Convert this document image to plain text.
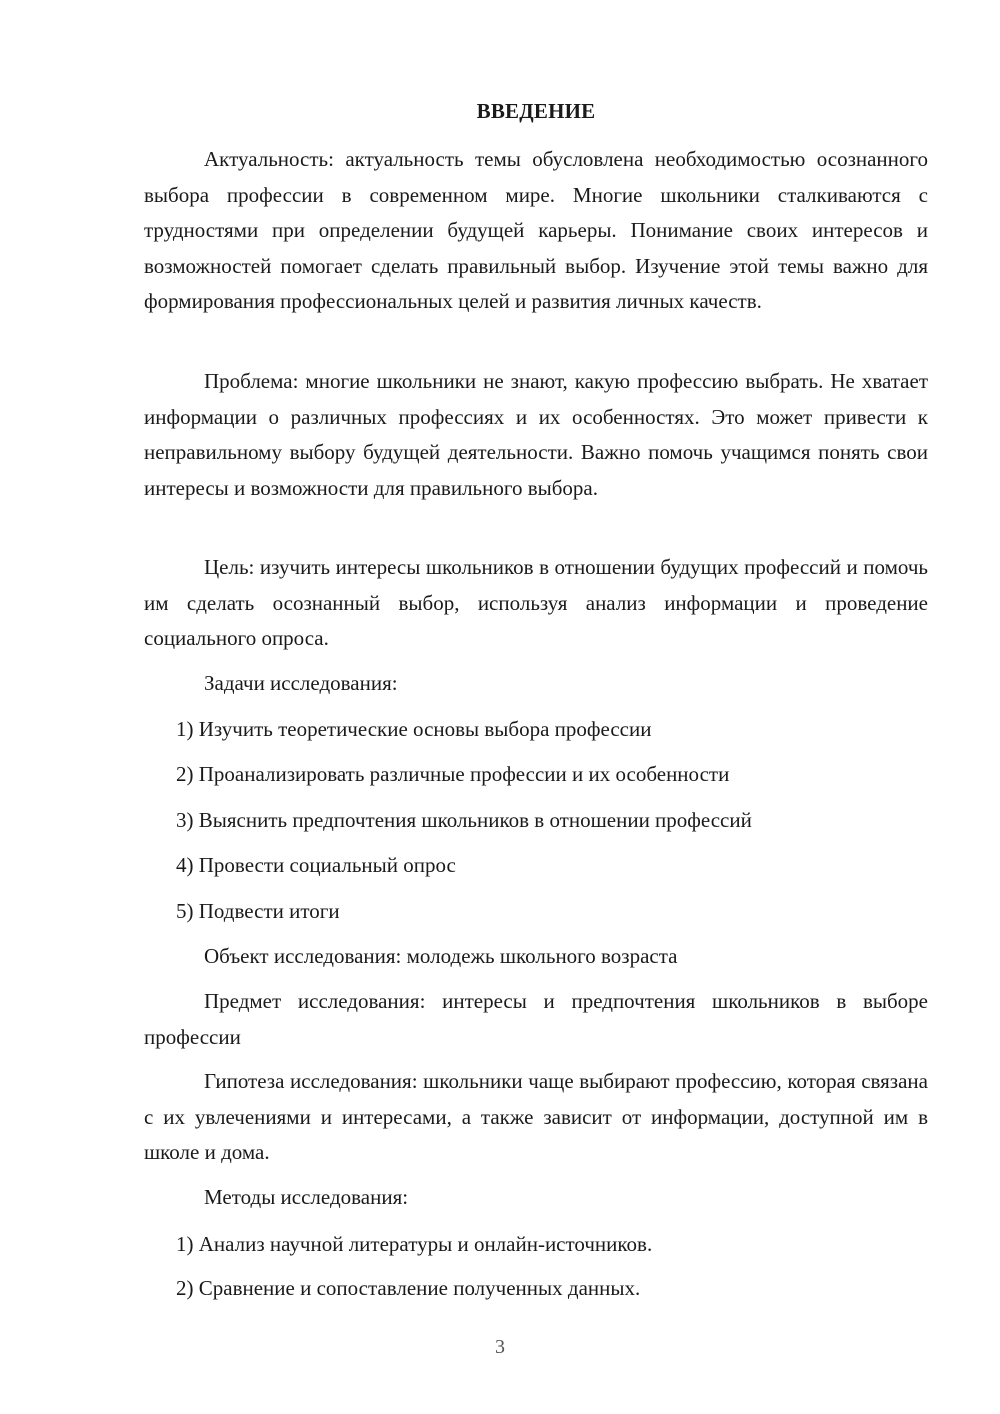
ВВЕДЕНИЕ

Актуальность: актуальность темы обусловлена необходимостью осознанного выбора профессии в современном мире. Многие школьники сталкиваются с трудностями при определении будущей карьеры. Понимание своих интересов и возможностей помогает сделать правильный выбор. Изучение этой темы важно для формирования профессиональных целей и развития личных качеств.

Проблема: многие школьники не знают, какую профессию выбрать. Не хватает информации о различных профессиях и их особенностях. Это может привести к неправильному выбору будущей деятельности. Важно помочь учащимся понять свои интересы и возможности для правильного выбора.

Цель: изучить интересы школьников в отношении будущих профессий и помочь им сделать осознанный выбор, используя анализ информации и проведение социального опроса.

Задачи исследования:

1) Изучить теоретические основы выбора профессии

2) Проанализировать различные профессии и их особенности

3) Выяснить предпочтения школьников в отношении профессий

4) Провести социальный опрос

5) Подвести итоги

Объект исследования: молодежь школьного возраста

Предмет исследования: интересы и предпочтения школьников в выборе профессии

Гипотеза исследования: школьники чаще выбирают профессию, которая связана с их увлечениями и интересами, а также зависит от информации, доступной им в школе и дома.

Методы исследования:

1) Анализ научной литературы и онлайн-источников.

2) Сравнение и сопоставление полученных данных.

3
